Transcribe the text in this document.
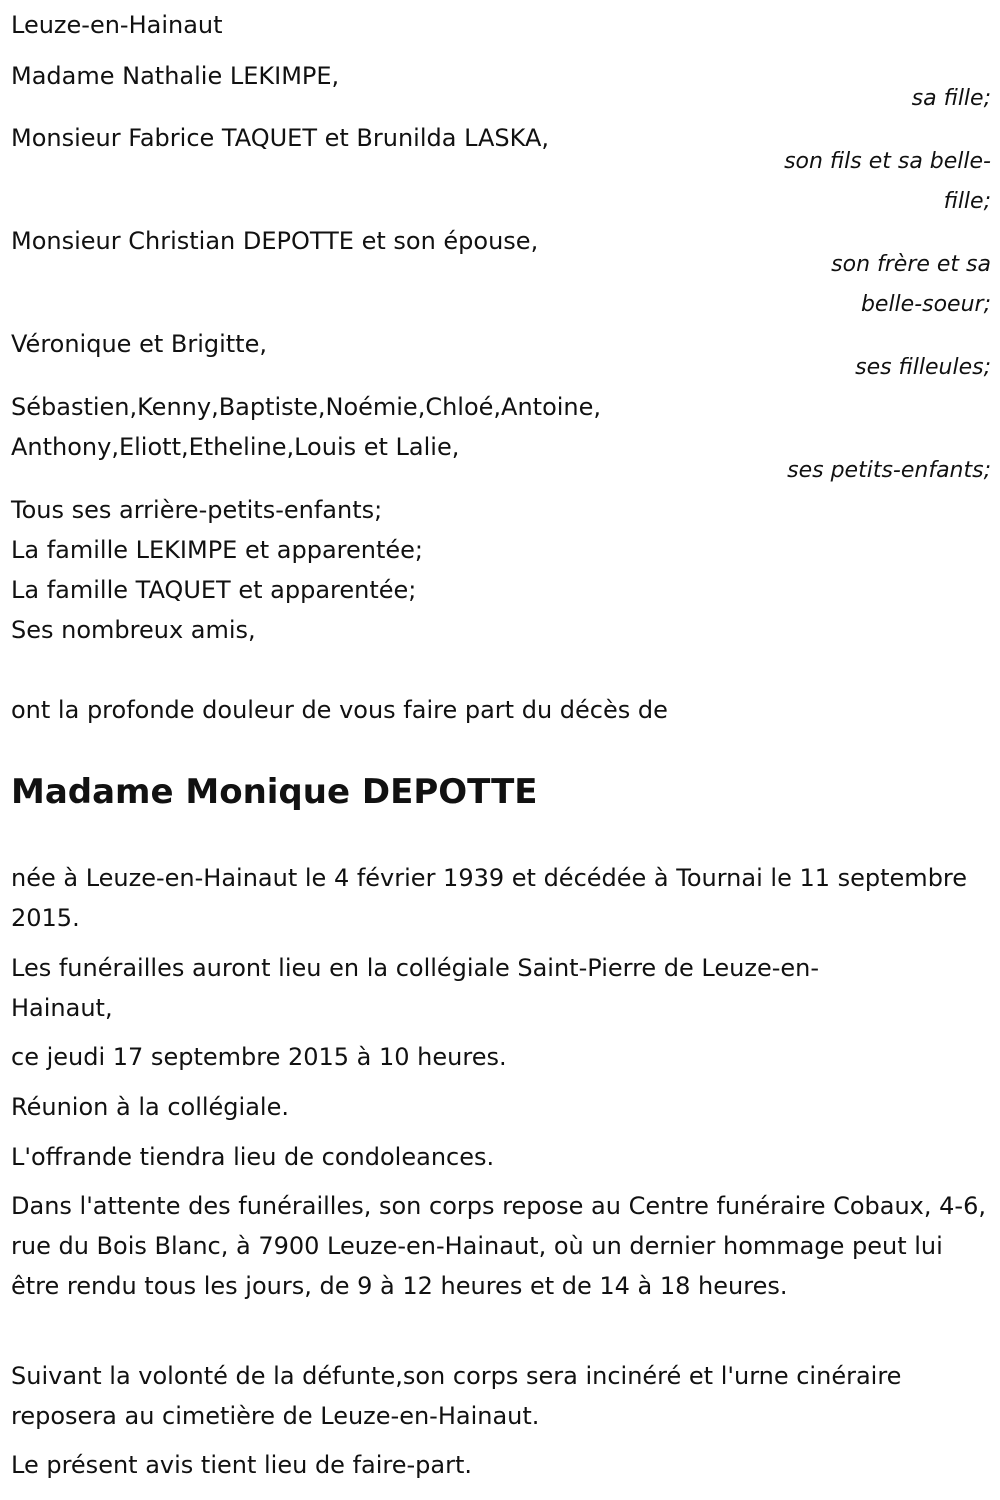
Leuze-en-Hainaut
Madame Nathalie LEKIMPE,
sa fille;
Monsieur Fabrice TAQUET et Brunilda LASKA,
son fils et sa belle-fille;
Monsieur Christian DEPOTTE et son épouse,
son frère et sa belle-soeur;
Véronique et Brigitte,
ses filleules;
Sébastien,Kenny,Baptiste,Noémie,Chloé,Antoine,
Anthony,Eliott,Etheline,Louis et Lalie,
ses petits-enfants;
Tous ses arrière-petits-enfants;
La famille LEKIMPE et apparentée;
La famille TAQUET et apparentée;
Ses nombreux amis,
ont la profonde douleur de vous faire part du décès de
Madame Monique DEPOTTE
née à Leuze-en-Hainaut le 4 février 1939 et décédée à Tournai le 11 septembre 2015.
Les funérailles auront lieu en la collégiale Saint-Pierre de Leuze-en-Hainaut,
ce jeudi 17 septembre 2015 à 10 heures.
Réunion à la collégiale.
L'offrande tiendra lieu de condoleances.
Dans l'attente des funérailles, son corps repose au Centre funéraire Cobaux, 4-6, rue du Bois Blanc, à 7900 Leuze-en-Hainaut, où un dernier hommage peut lui être rendu tous les jours, de 9 à 12 heures et de 14 à 18 heures.
Suivant la volonté de la défunte,son corps sera incinéré et l'urne cinéraire reposera au cimetière de Leuze-en-Hainaut.
Le présent avis tient lieu de faire-part.
